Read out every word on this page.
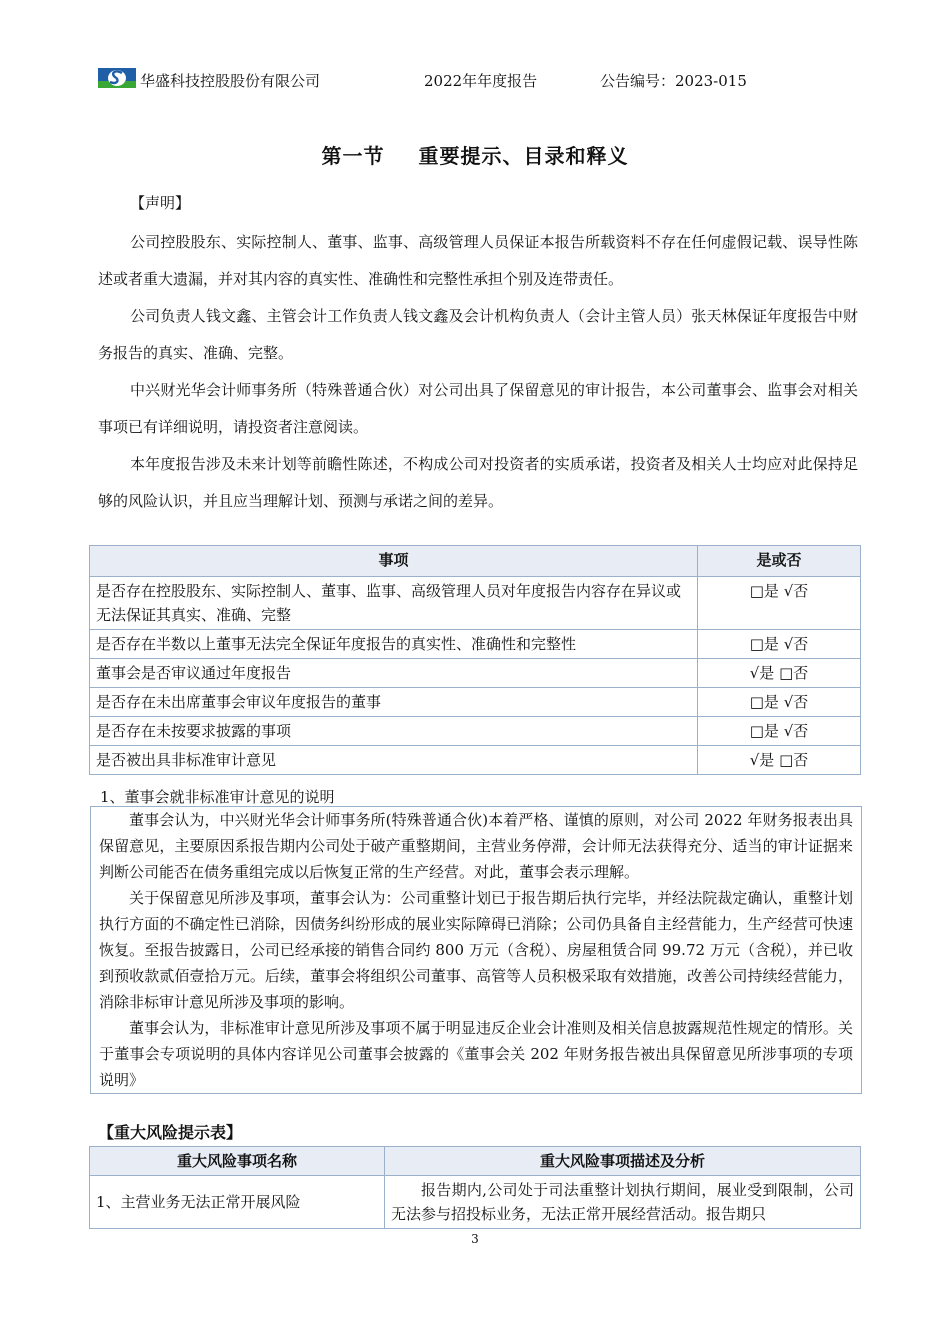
华盛科技控股股份有限公司	2022年年度报告	公告编号：2023-015
第一节 重要提示、目录和释义
【声明】
公司控股股东、实际控制人、董事、监事、高级管理人员保证本报告所载资料不存在任何虚假记载、误导性陈述或者重大遗漏，并对其内容的真实性、准确性和完整性承担个别及连带责任。
公司负责人钱文鑫、主管会计工作负责人钱文鑫及会计机构负责人（会计主管人员）张天林保证年度报告中财务报告的真实、准确、完整。
中兴财光华会计师事务所（特殊普通合伙）对公司出具了保留意见的审计报告，本公司董事会、监事会对相关事项已有详细说明，请投资者注意阅读。
本年度报告涉及未来计划等前瞻性陈述，不构成公司对投资者的实质承诺，投资者及相关人士均应对此保持足够的风险认识，并且应当理解计划、预测与承诺之间的差异。
事项	是或否
是否存在控股股东、实际控制人、董事、监事、高级管理人员对年度报告内容存在异议或无法保证其真实、准确、完整	□是 √否
是否存在半数以上董事无法完全保证年度报告的真实性、准确性和完整性	□是 √否
董事会是否审议通过年度报告	√是 □否
是否存在未出席董事会审议年度报告的董事	□是 √否
是否存在未按要求披露的事项	□是 √否
是否被出具非标准审计意见	√是 □否
1、董事会就非标准审计意见的说明

董事会认为，中兴财光华会计师事务所(特殊普通合伙)本着严格、谨慎的原则，对公司 2022 年财务报表出具保留意见，主要原因系报告期内公司处于破产重整期间，主营业务停滞，会计师无法获得充分、适当的审计证据来判断公司能否在债务重组完成以后恢复正常的生产经营。对此，董事会表示理解。

关于保留意见所涉及事项，董事会认为：公司重整计划已于报告期后执行完毕，并经法院裁定确认，重整计划执行方面的不确定性已消除，因债务纠纷形成的展业实际障碍已消除；公司仍具备自主经营能力，生产经营可快速恢复。至报告披露日，公司已经承接的销售合同约 800 万元（含税）、房屋租赁合同 99.72 万元（含税），并已收到预收款贰佰壹拾万元。后续，董事会将组织公司董事、高管等人员积极采取有效措施，改善公司持续经营能力，消除非标审计意见所涉及事项的影响。

董事会认为，非标准审计意见所涉及事项不属于明显违反企业会计准则及相关信息披露规范性规定的情形。关于董事会专项说明的具体内容详见公司董事会披露的《董事会关 202 年财务报告被出具保留意见所涉事项的专项说明》

【重大风险提示表】
重大风险事项名称	重大风险事项描述及分析
1、主营业务无法正常开展风险	报告期内,公司处于司法重整计划执行期间，展业受到限制，公司无法参与招投标业务，无法正常开展经营活动。报告期只
3
